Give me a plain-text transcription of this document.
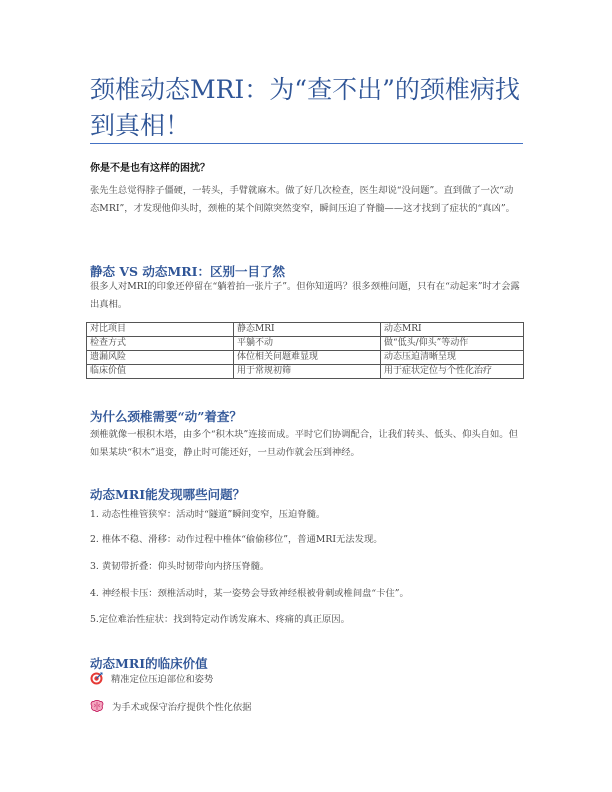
颈椎动态MRI：为“查不出”的颈椎病找到真相！
你是不是也有这样的困扰？

张先生总觉得脖子僵硬，一转头，手臂就麻木。做了好几次检查，医生却说“没问题”。直到做了一次“动态MRI”，才发现他仰头时，颈椎的某个间隙突然变窄，瞬间压迫了脊髓——这才找到了症状的“真凶”。

静态 VS 动态MRI：区别一目了然

很多人对MRI的印象还停留在“躺着拍一张片子”。但你知道吗？很多颈椎问题，只有在“动起来”时才会露出真相。

对比项目	静态MRI	动态MRI
检查方式	平躺不动	做“低头/仰头”等动作
遗漏风险	体位相关问题难显现	动态压迫清晰呈现
临床价值	用于常规初筛	用于症状定位与个性化治疗
为什么颈椎需要“动”着查？

颈椎就像一根积木塔，由多个“积木块”连接而成。平时它们协调配合，让我们转头、低头、仰头自如。但如果某块“积木”退变，静止时可能还好，一旦动作就会压到神经。

动态MRI能发现哪些问题？
1. 动态性椎管狭窄：活动时“隧道”瞬间变窄，压迫脊髓。
2. 椎体不稳、滑移：动作过程中椎体“偷偷移位”，普通MRI无法发现。
3. 黄韧带折叠：仰头时韧带向内挤压脊髓。
4. 神经根卡压：颈椎活动时，某一姿势会导致神经根被骨刺或椎间盘“卡住”。
5.定位难治性症状：找到特定动作诱发麻木、疼痛的真正原因。
动态MRI的临床价值
精准定位压迫部位和姿势
为手术或保守治疗提供个性化依据
